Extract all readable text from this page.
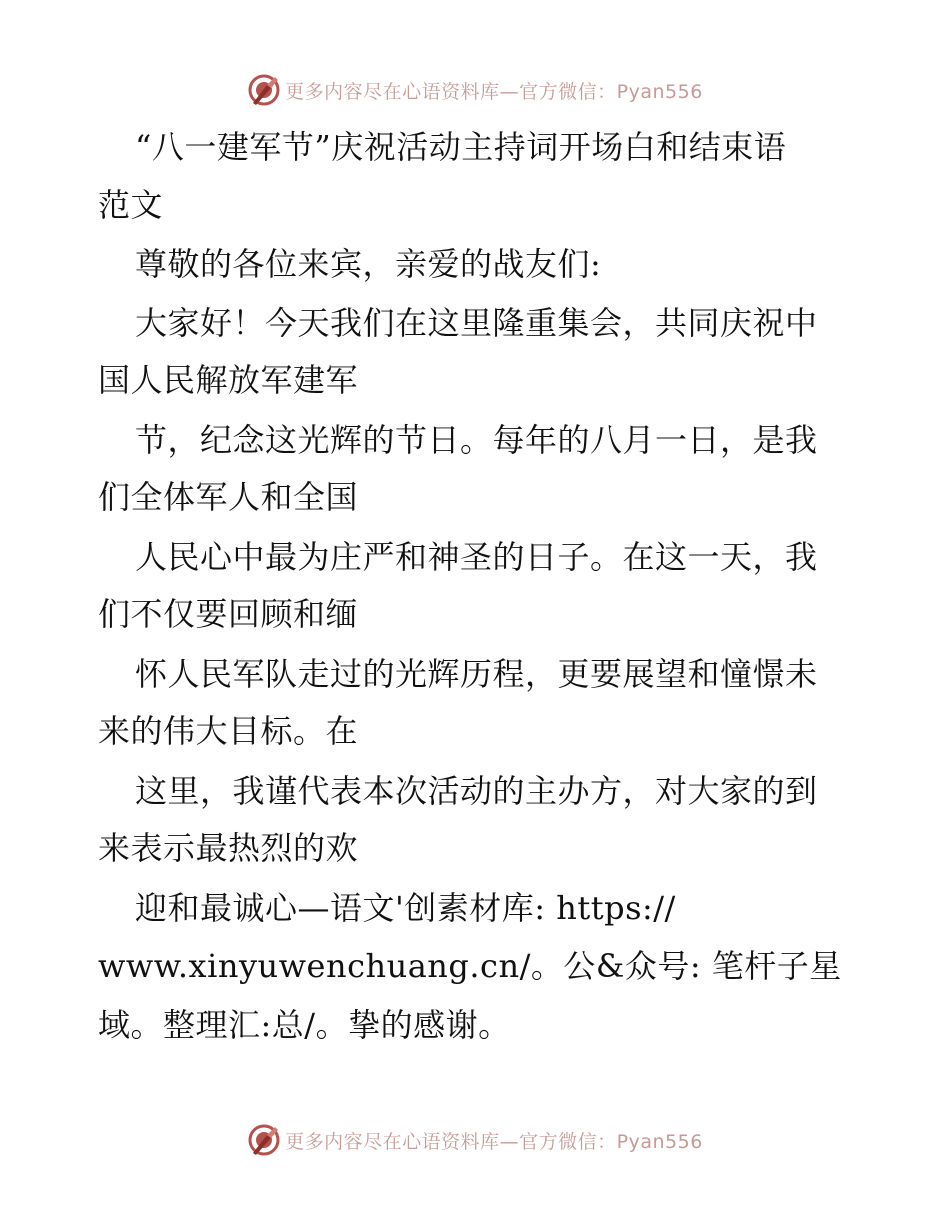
更多内容尽在心语资料库—官方微信：Pyan556
“八一建军节”庆祝活动主持词开场白和结束语
范文
尊敬的各位来宾，亲爱的战友们:
大家好！今天我们在这里隆重集会，共同庆祝中
国人民解放军建军
节，纪念这光辉的节日。每年的八月一日，是我
们全体军人和全国
人民心中最为庄严和神圣的日子。在这一天，我
们不仅要回顾和缅
怀人民军队走过的光辉历程，更要展望和憧憬未
来的伟大目标。在
这里，我谨代表本次活动的主办方，对大家的到
来表示最热烈的欢
迎和最诚心—语文'创素材库: https://
www.xinyuwenchuang.cn/。公&众号: 笔杆子星
域。整理汇:总/。挚的感谢。
更多内容尽在心语资料库—官方微信：Pyan556
